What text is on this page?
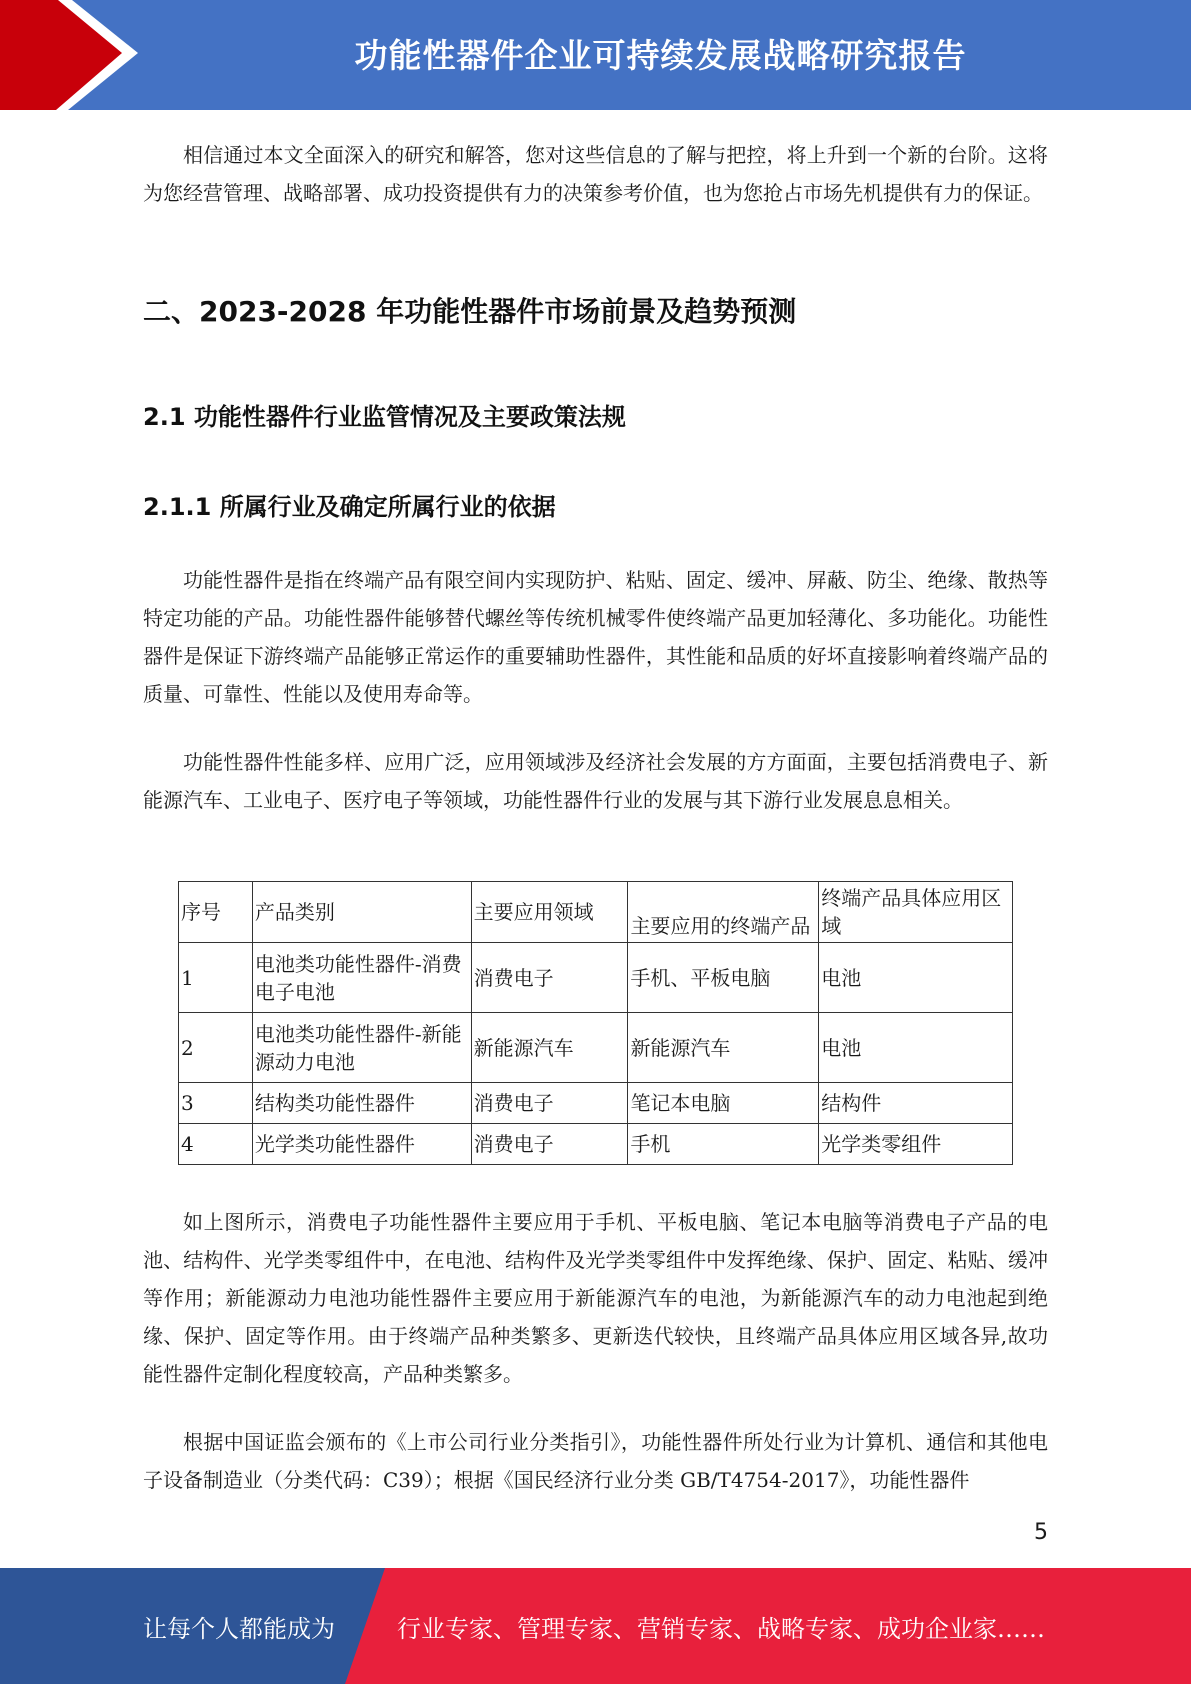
功能性器件企业可持续发展战略研究报告

相信通过本文全面深入的研究和解答，您对这些信息的了解与把控，将上升到一个新的台阶。这将为您经营管理、战略部署、成功投资提供有力的决策参考价值，也为您抢占市场先机提供有力的保证。

二、2023-2028 年功能性器件市场前景及趋势预测
2.1 功能性器件行业监管情况及主要政策法规
2.1.1 所属行业及确定所属行业的依据

功能性器件是指在终端产品有限空间内实现防护、粘贴、固定、缓冲、屏蔽、防尘、绝缘、散热等特定功能的产品。功能性器件能够替代螺丝等传统机械零件使终端产品更加轻薄化、多功能化。功能性器件是保证下游终端产品能够正常运作的重要辅助性器件，其性能和品质的好坏直接影响着终端产品的质量、可靠性、性能以及使用寿命等。

功能性器件性能多样、应用广泛，应用领域涉及经济社会发展的方方面面，主要包括消费电子、新能源汽车、工业电子、医疗电子等领域，功能性器件行业的发展与其下游行业发展息息相关。

序号	产品类别	主要应用领域	主要应用的终端产品	终端产品具体应用区域
1	电池类功能性器件-消费电子电池	消费电子	手机、平板电脑	电池
2	电池类功能性器件-新能源动力电池	新能源汽车	新能源汽车	电池
3	结构类功能性器件	消费电子	笔记本电脑	结构件
4	光学类功能性器件	消费电子	手机	光学类零组件

如上图所示，消费电子功能性器件主要应用于手机、平板电脑、笔记本电脑等消费电子产品的电池、结构件、光学类零组件中，在电池、结构件及光学类零组件中发挥绝缘、保护、固定、粘贴、缓冲等作用；新能源动力电池功能性器件主要应用于新能源汽车的电池，为新能源汽车的动力电池起到绝缘、保护、固定等作用。由于终端产品种类繁多、更新迭代较快，且终端产品具体应用区域各异,故功能性器件定制化程度较高，产品种类繁多。

根据中国证监会颁布的《上市公司行业分类指引》，功能性器件所处行业为计算机、通信和其他电子设备制造业（分类代码：C39）；根据《国民经济行业分类 GB/T4754-2017》，功能性器件

5
让每个人都能成为	行业专家、管理专家、营销专家、战略专家、成功企业家……
